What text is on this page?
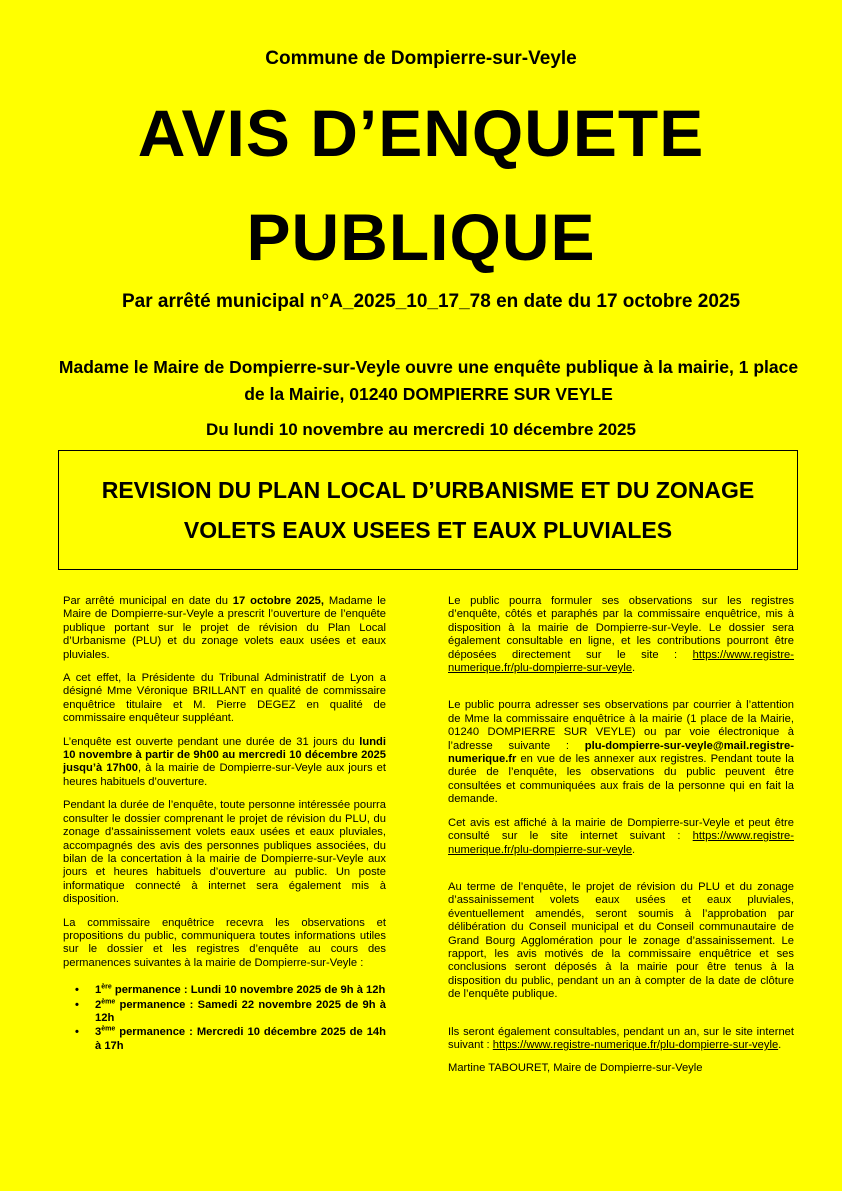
Commune de Dompierre-sur-Veyle
AVIS D’ENQUETE
PUBLIQUE
Par arrêté municipal n°A_2025_10_17_78 en date du 17 octobre 2025
Madame le Maire de Dompierre-sur-Veyle ouvre une enquête publique à la mairie, 1 place de la Mairie, 01240 DOMPIERRE SUR VEYLE
Du lundi 10 novembre au mercredi 10 décembre 2025
REVISION DU PLAN LOCAL D’URBANISME ET DU ZONAGE VOLETS EAUX USEES ET EAUX PLUVIALES

Par arrêté municipal en date du 17 octobre 2025, Madame le Maire de Dompierre-sur-Veyle a prescrit l’ouverture de l’enquête publique portant sur le projet de révision du Plan Local d’Urbanisme (PLU) et du zonage volets eaux usées et eaux pluviales.

A cet effet, la Présidente du Tribunal Administratif de Lyon a désigné Mme Véronique BRILLANT en qualité de commissaire enquêtrice titulaire et M. Pierre DEGEZ en qualité de commissaire enquêteur suppléant.

L’enquête est ouverte pendant une durée de 31 jours du lundi 10 novembre à partir de 9h00 au mercredi 10 décembre 2025 jusqu’à 17h00, à la mairie de Dompierre-sur-Veyle aux jours et heures habituels d’ouverture.

Pendant la durée de l’enquête, toute personne intéressée pourra consulter le dossier comprenant le projet de révision du PLU, du zonage d’assainissement volets eaux usées et eaux pluviales, accompagnés des avis des personnes publiques associées, du bilan de la concertation à la mairie de Dompierre-sur-Veyle aux jours et heures habituels d’ouverture au public. Un poste informatique connecté à internet sera également mis à disposition.

La commissaire enquêtrice recevra les observations et propositions du public, communiquera toutes informations utiles sur le dossier et les registres d’enquête au cours des permanences suivantes à la mairie de Dompierre-sur-Veyle :

• 1ère permanence : Lundi 10 novembre 2025 de 9h à 12h
• 2ème permanence : Samedi 22 novembre 2025 de 9h à 12h
• 3ème permanence : Mercredi 10 décembre 2025 de 14h à 17h

Le public pourra formuler ses observations sur les registres d’enquête, côtés et paraphés par la commissaire enquêtrice, mis à disposition à la mairie de Dompierre-sur-Veyle. Le dossier sera également consultable en ligne, et les contributions pourront être déposées directement sur le site : https://www.registre-numerique.fr/plu-dompierre-sur-veyle.

Le public pourra adresser ses observations par courrier à l’attention de Mme la commissaire enquêtrice à la mairie (1 place de la Mairie, 01240 DOMPIERRE SUR VEYLE) ou par voie électronique à l’adresse suivante : plu-dompierre-sur-veyle@mail.registre-numerique.fr en vue de les annexer aux registres. Pendant toute la durée de l’enquête, les observations du public peuvent être consultées et communiquées aux frais de la personne qui en fait la demande.

Cet avis est affiché à la mairie de Dompierre-sur-Veyle et peut être consulté sur le site internet suivant : https://www.registre-numerique.fr/plu-dompierre-sur-veyle.

Au terme de l’enquête, le projet de révision du PLU et du zonage d’assainissement volets eaux usées et eaux pluviales, éventuellement amendés, seront soumis à l’approbation par délibération du Conseil municipal et du Conseil communautaire de Grand Bourg Agglomération pour le zonage d’assainissement. Le rapport, les avis motivés de la commissaire enquêtrice et ses conclusions seront déposés à la mairie pour être tenus à la disposition du public, pendant un an à compter de la date de clôture de l’enquête publique.

Ils seront également consultables, pendant un an, sur le site internet suivant : https://www.registre-numerique.fr/plu-dompierre-sur-veyle.

Martine TABOURET, Maire de Dompierre-sur-Veyle
